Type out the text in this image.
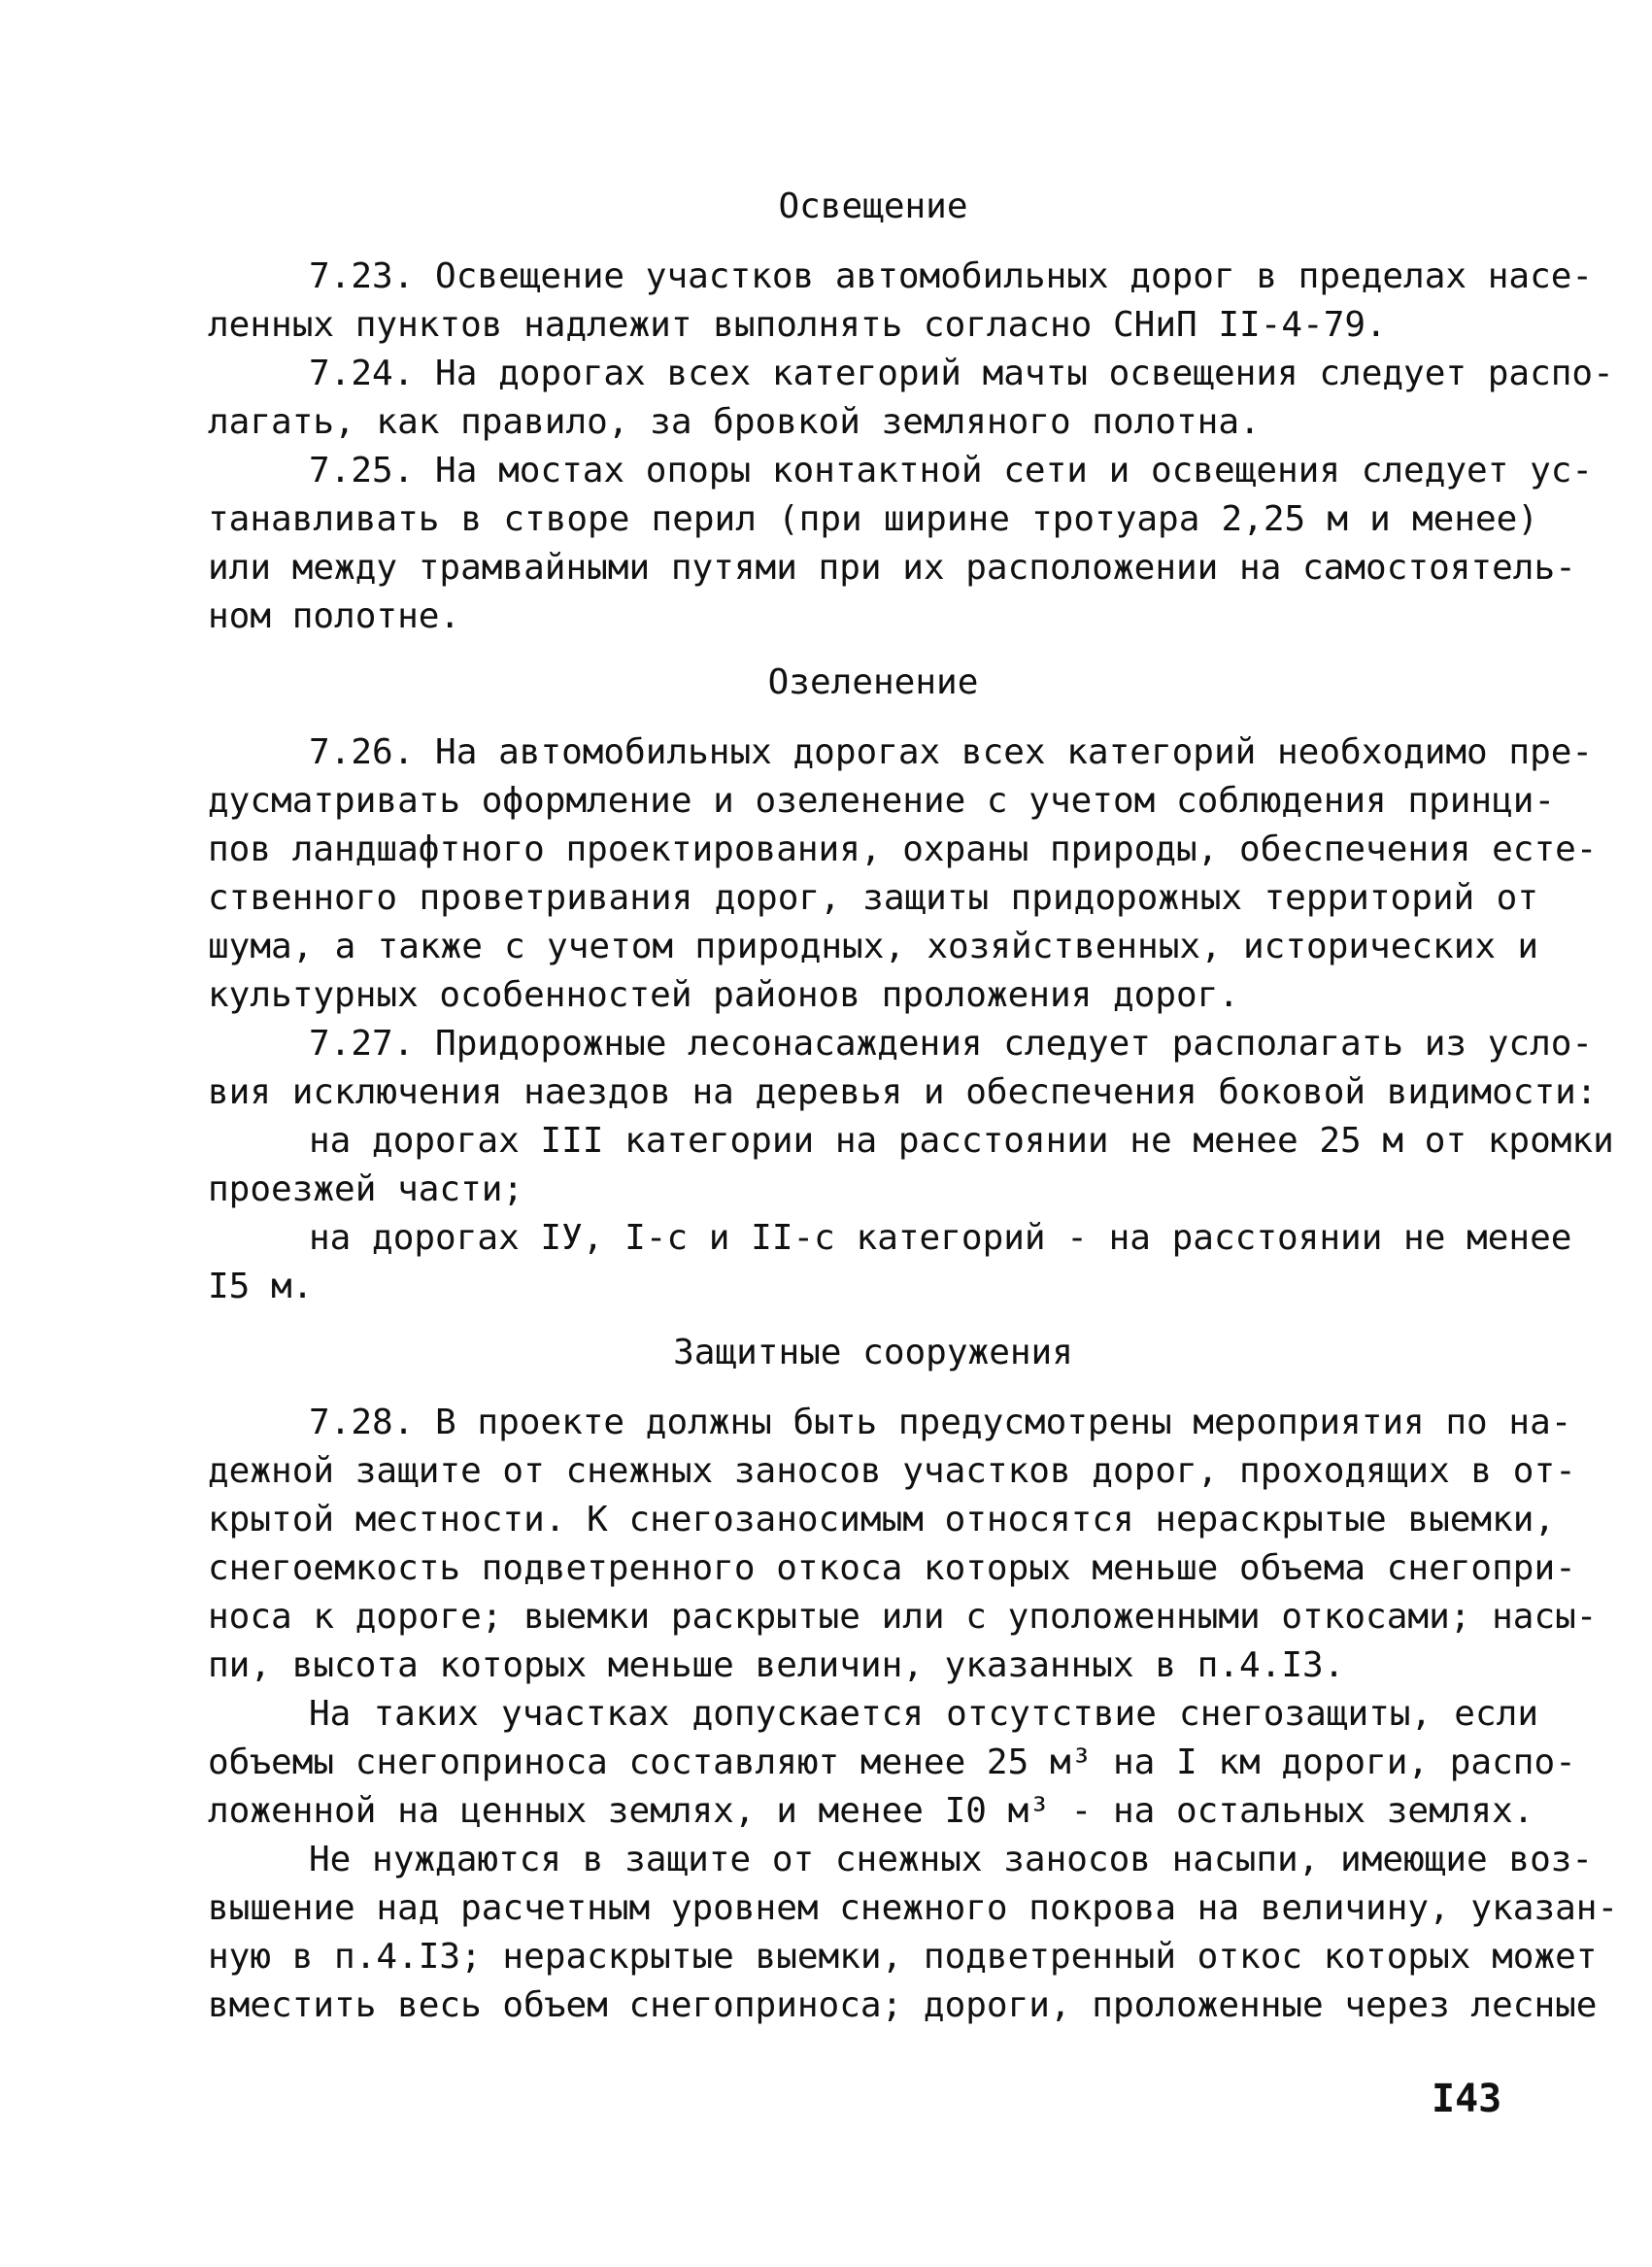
Освещение
7.23. Освещение участков автомобильных дорог в пределах насе-
ленных пунктов надлежит выполнять согласно СНиП II-4-79.
7.24. На дорогах всех категорий мачты освещения следует распо-
лагать, как правило, за бровкой земляного полотна.
7.25. На мостах опоры контактной сети и освещения следует ус-
танавливать в створе перил (при ширине тротуара 2,25 м и менее)
или между трамвайными путями при их расположении на самостоятель-
ном полотне.
Озеленение
7.26. На автомобильных дорогах всех категорий необходимо пре-
дусматривать оформление и озеленение с учетом соблюдения принци-
пов ландшафтного проектирования, охраны природы, обеспечения есте-
ственного проветривания дорог, защиты придорожных территорий от
шума, а также с учетом природных, хозяйственных, исторических и
культурных особенностей районов проложения дорог.
7.27. Придорожные лесонасаждения следует располагать из усло-
вия исключения наездов на деревья и обеспечения боковой видимости:
на дорогах III категории на расстоянии не менее 25 м от кромки
проезжей части;
на дорогах IУ, I-с и II-с категорий - на расстоянии не менее
I5 м.
Защитные сооружения
7.28. В проекте должны быть предусмотрены мероприятия по на-
дежной защите от снежных заносов участков дорог, проходящих в от-
крытой местности. К снегозаносимым относятся нераскрытые выемки,
снегоемкость подветренного откоса которых меньше объема снегопри-
носа к дороге; выемки раскрытые или с уположенными откосами; насы-
пи, высота которых меньше величин, указанных в п.4.I3.
На таких участках допускается отсутствие снегозащиты, если
объемы снегоприноса составляют менее 25 м³ на I км дороги, распо-
ложенной на ценных землях, и менее I0 м³ - на остальных землях.
Не нуждаются в защите от снежных заносов насыпи, имеющие воз-
вышение над расчетным уровнем снежного покрова на величину, указан-
ную в п.4.I3; нераскрытые выемки, подветренный откос которых может
вместить весь объем снегоприноса; дороги, проложенные через лесные
I43
